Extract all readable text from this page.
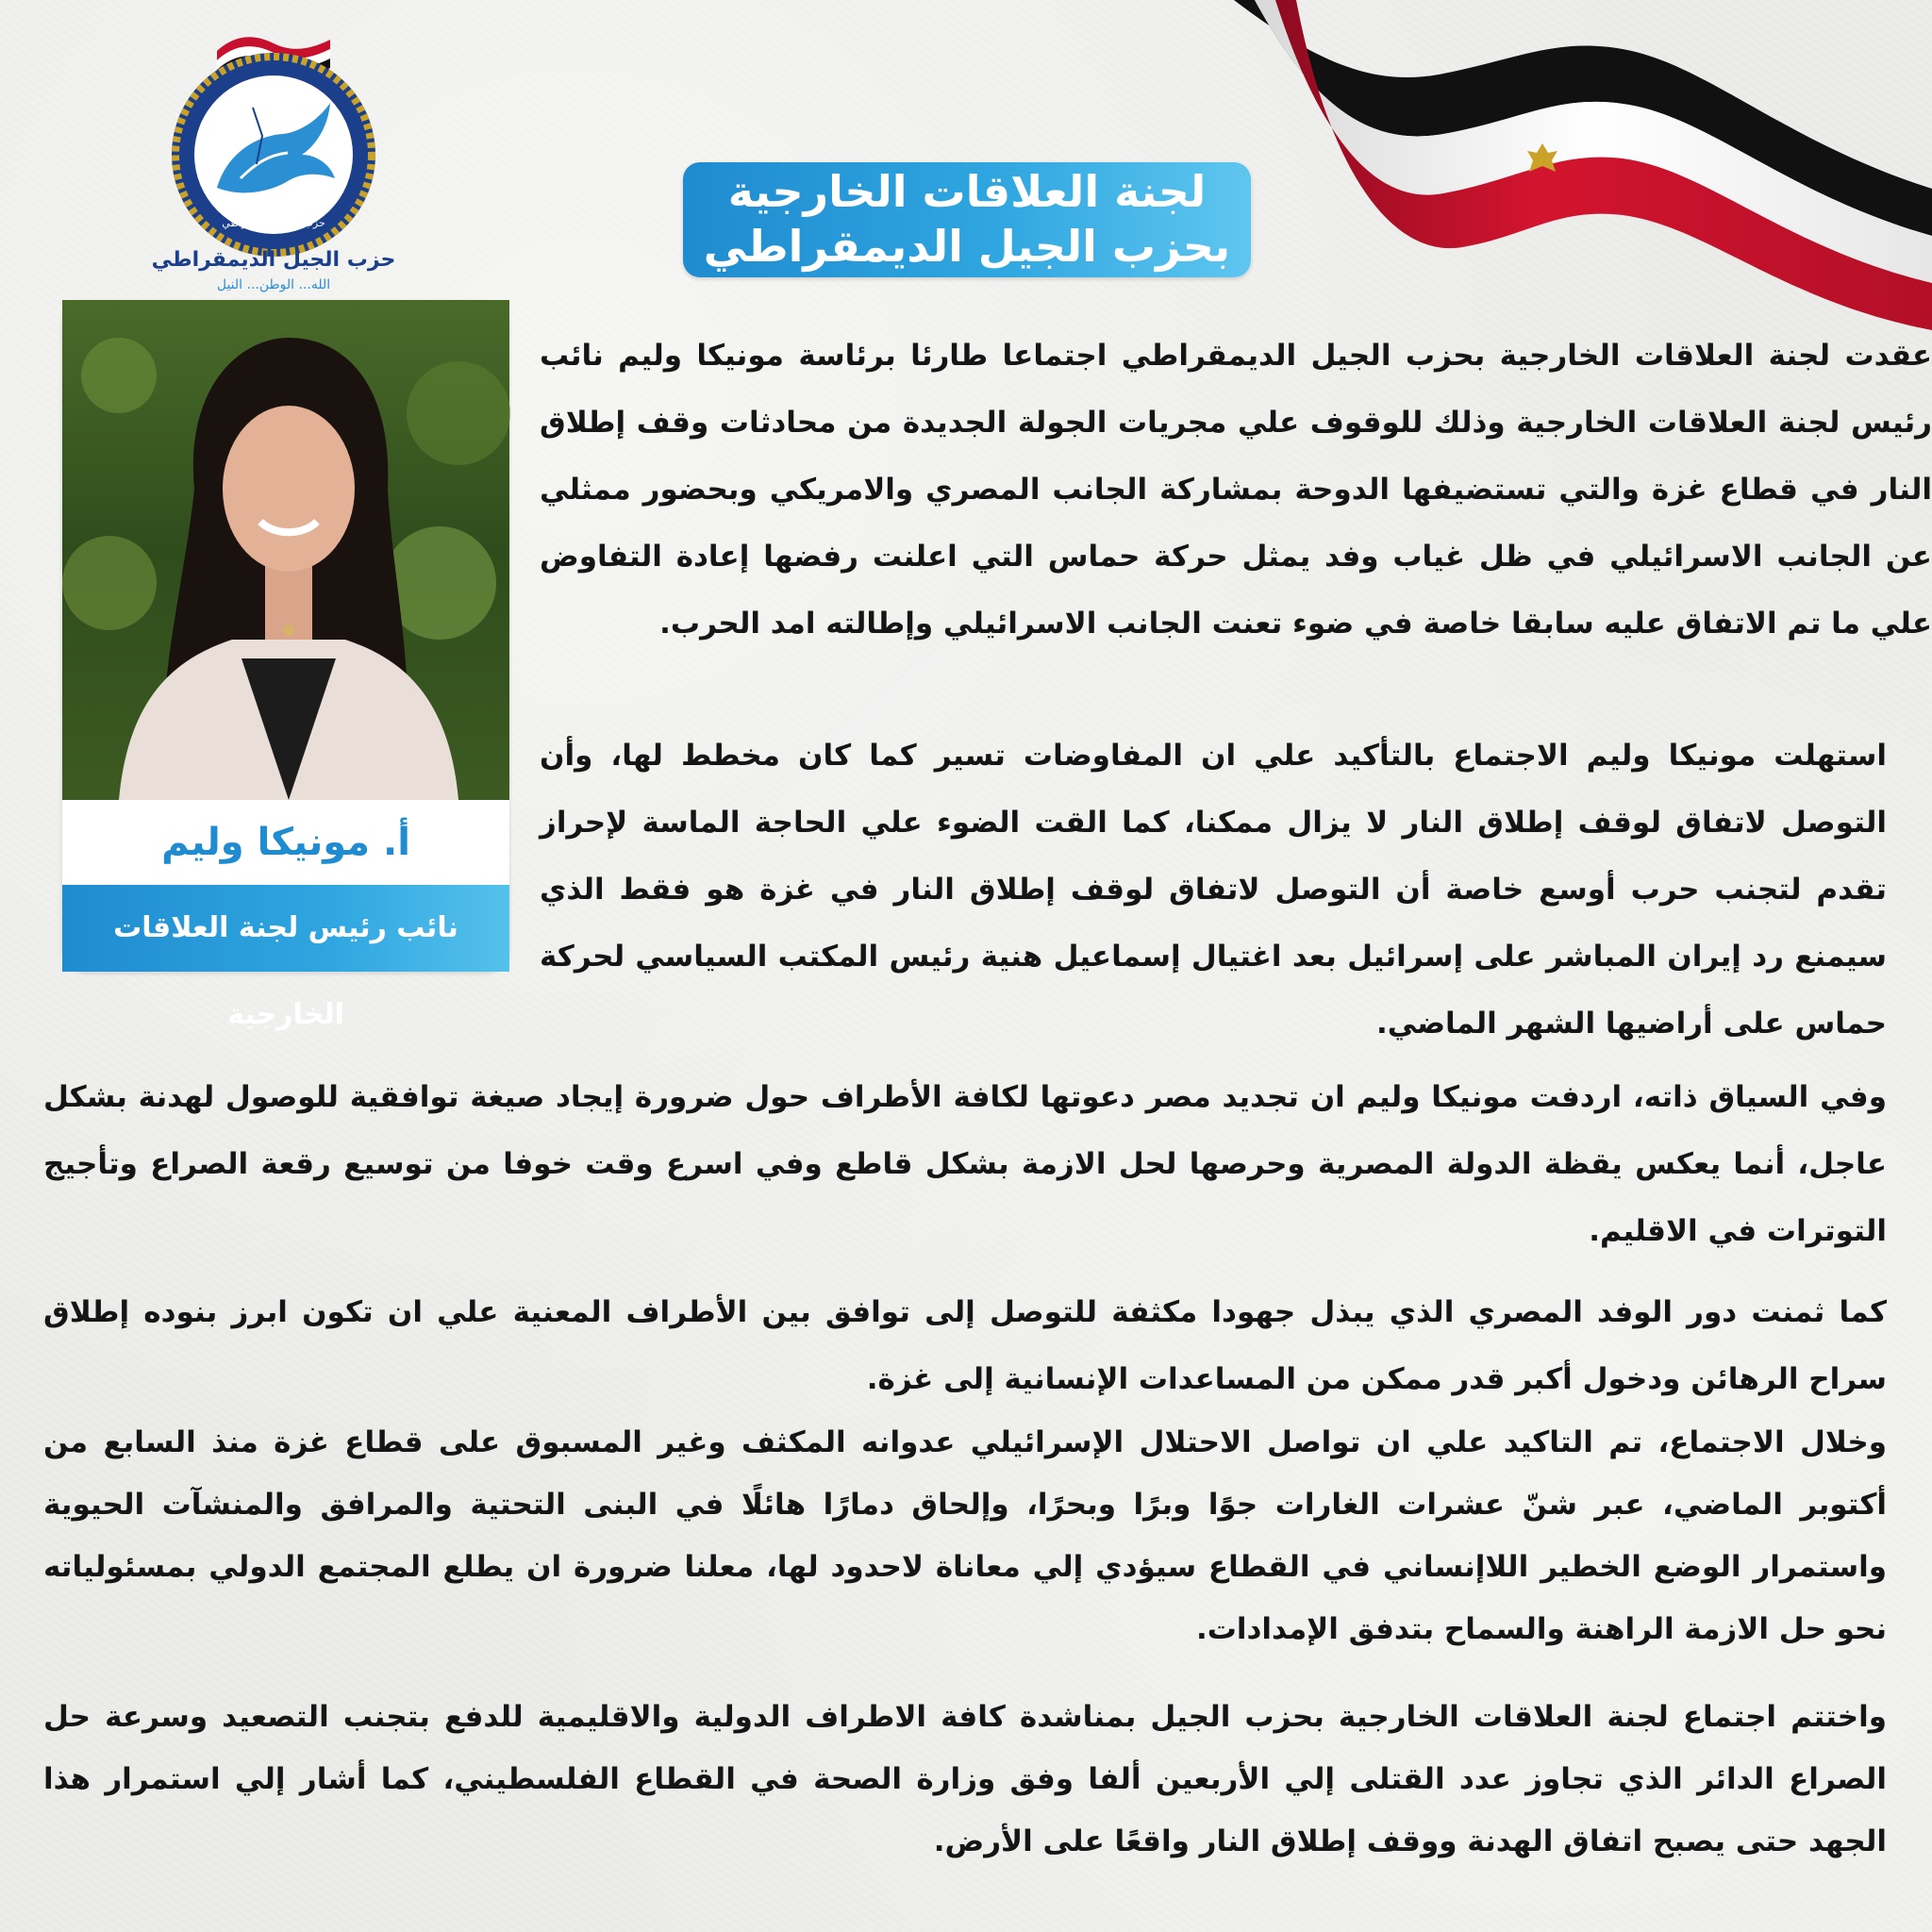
حزب الجيل الديمقراطي
حزب الجيل الديمقراطي
الله... الوطن... النيل
لجنة العلاقات الخارجية
بحزب الجيل الديمقراطي
أ. مونيكا وليم
نائب رئيس لجنة العلاقات الخارجية

عقدت لجنة العلاقات الخارجية بحزب الجيل الديمقراطي اجتماعا طارئا برئاسة مونيكا وليم نائب رئيس لجنة العلاقات الخارجية وذلك للوقوف علي مجريات الجولة الجديدة من محادثات وقف إطلاق النار في قطاع غزة والتي تستضيفها الدوحة بمشاركة الجانب المصري والامريكي وبحضور ممثلي عن الجانب الاسرائيلي في ظل غياب وفد يمثل حركة حماس التي اعلنت رفضها إعادة التفاوض علي ما تم الاتفاق عليه سابقا خاصة في ضوء تعنت الجانب الاسرائيلي وإطالته امد الحرب.

استهلت مونيكا وليم الاجتماع بالتأكيد علي ان المفاوضات تسير كما كان مخطط لها، وأن التوصل لاتفاق لوقف إطلاق النار لا يزال ممكنا، كما القت الضوء علي الحاجة الماسة لإحراز تقدم لتجنب حرب أوسع خاصة أن التوصل لاتفاق لوقف إطلاق النار في غزة هو فقط الذي سيمنع رد إيران المباشر على إسرائيل بعد اغتيال إسماعيل هنية رئيس المكتب السياسي لحركة حماس على أراضيها الشهر الماضي.

وفي السياق ذاته، اردفت مونيكا وليم ان تجديد مصر دعوتها لكافة الأطراف حول ضرورة إيجاد صيغة توافقية للوصول لهدنة بشكل عاجل، أنما يعكس يقظة الدولة المصرية وحرصها لحل الازمة بشكل قاطع وفي اسرع وقت خوفا من توسيع رقعة الصراع وتأجيج التوترات في الاقليم.

كما ثمنت دور الوفد المصري الذي يبذل جهودا مكثفة للتوصل إلى توافق بين الأطراف المعنية علي ان تكون ابرز بنوده إطلاق سراح الرهائن ودخول أكبر قدر ممكن من المساعدات الإنسانية إلى غزة.

وخلال الاجتماع، تم التاكيد علي ان تواصل الاحتلال الإسرائيلي عدوانه المكثف وغير المسبوق على قطاع غزة منذ السابع من أكتوبر الماضي، عبر شنّ عشرات الغارات جوًا وبرًا وبحرًا، وإلحاق دمارًا هائلًا في البنى التحتية والمرافق والمنشآت الحيوية واستمرار الوضع الخطير اللاإنساني في القطاع سيؤدي إلي معاناة لاحدود لها، معلنا ضرورة ان يطلع المجتمع الدولي بمسئولياته نحو حل الازمة الراهنة والسماح بتدفق الإمدادات.

واختتم اجتماع لجنة العلاقات الخارجية بحزب الجيل بمناشدة كافة الاطراف الدولية والاقليمية للدفع بتجنب التصعيد وسرعة حل الصراع الدائر الذي تجاوز عدد القتلى إلي الأربعين ألفا وفق وزارة الصحة في القطاع الفلسطيني، كما أشار إلي استمرار هذا الجهد حتى يصبح اتفاق الهدنة ووقف إطلاق النار واقعًا على الأرض.
